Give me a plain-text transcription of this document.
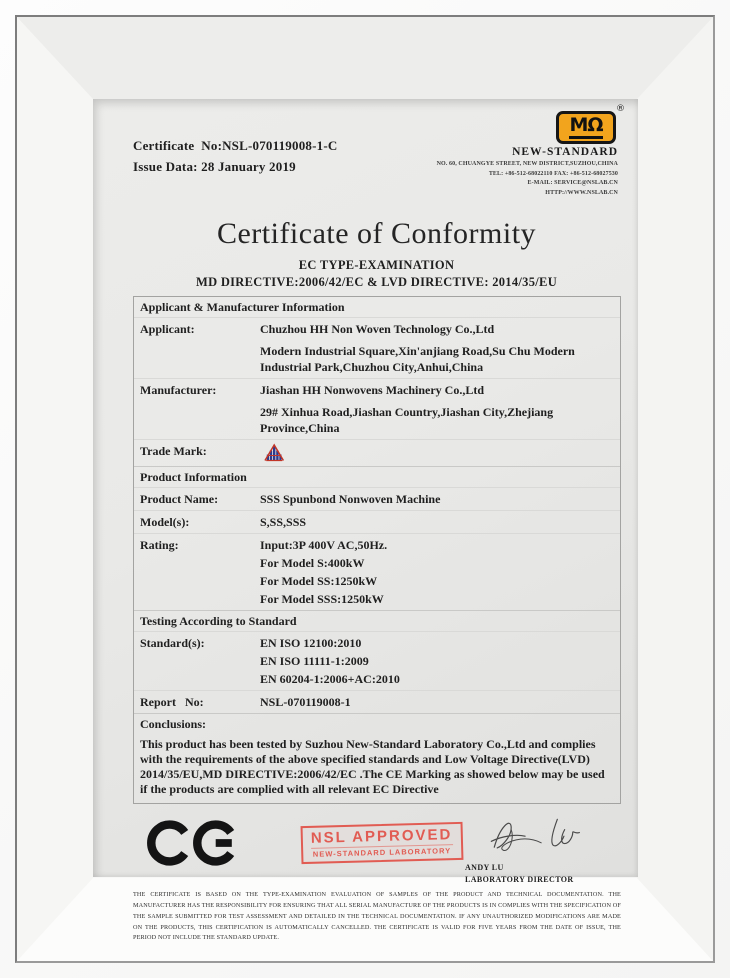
Certificate  No:NSL-070119008-1-C
Issue Data: 28 January 2019
MΩ
®
NEW-STANDARD
NO. 60, CHUANGYE STREET, NEW DISTRICT,SUZHOU,CHINA
TEL: +86-512-68022110 FAX: +86-512-68027530
E-MAIL: SERVICE@NSLAB.CN
HTTP://WWW.NSLAB.CN
Certificate of Conformity
EC TYPE-EXAMINATION
MD DIRECTIVE:2006/42/EC & LVD DIRECTIVE: 2014/35/EU
Applicant & Manufacturer Information
Applicant:	Chuzhou HH Non Woven Technology Co.,Ltd
Modern Industrial Square,Xin'anjiang Road,Su Chu Modern Industrial Park,Chuzhou City,Anhui,China
Manufacturer:	Jiashan HH Nonwovens Machinery Co.,Ltd
29# Xinhua Road,Jiashan Country,Jiashan City,Zhejiang Province,China
Trade Mark:
Product Information
Product Name:	SSS Spunbond Nonwoven Machine
Model(s):	S,SS,SSS
Rating:	Input:3P 400V AC,50Hz.
For Model S:400kW
For Model SS:1250kW
For Model SSS:1250kW
Testing According to Standard
Standard(s):	EN ISO 12100:2010
EN ISO 11111-1:2009
EN 60204-1:2006+AC:2010
Report   No:	NSL-070119008-1
Conclusions:
This product has been tested by Suzhou New-Standard Laboratory Co.,Ltd and complies with the requirements of the above specified standards and Low Voltage Directive(LVD) 2014/35/EU,MD DIRECTIVE:2006/42/EC .The CE Marking as showed below may be used if the products are complied with all relevant EC Directive
NSL APPROVED
NEW-STANDARD LABORATORY
ANDY LU
LABORATORY DIRECTOR
THE CERTIFICATE IS BASED ON THE TYPE-EXAMINATION EVALUATION OF SAMPLES OF THE PRODUCT AND TECHNICAL DOCUMENTATION. THE MANUFACTURER HAS THE RESPONSIBILITY FOR ENSURING THAT ALL SERIAL MANUFACTURE OF THE PRODUCTS IS IN COMPLIES WITH THE SPECIFICATION OF THE SAMPLE SUBMITTED FOR TEST ASSESSMENT AND DETAILED IN THE TECHNICAL DOCUMENTATION. IF ANY UNAUTHORIZED MODIFICATIONS ARE MADE ON THE PRODUCTS, THIS CERTIFICATION IS AUTOMATICALLY CANCELLED. THE CERTIFICATE IS VALID FOR FIVE YEARS FROM THE DATE OF ISSUE, THE PERIOD NOT INCLUDE THE STANDARD UPDATE.
